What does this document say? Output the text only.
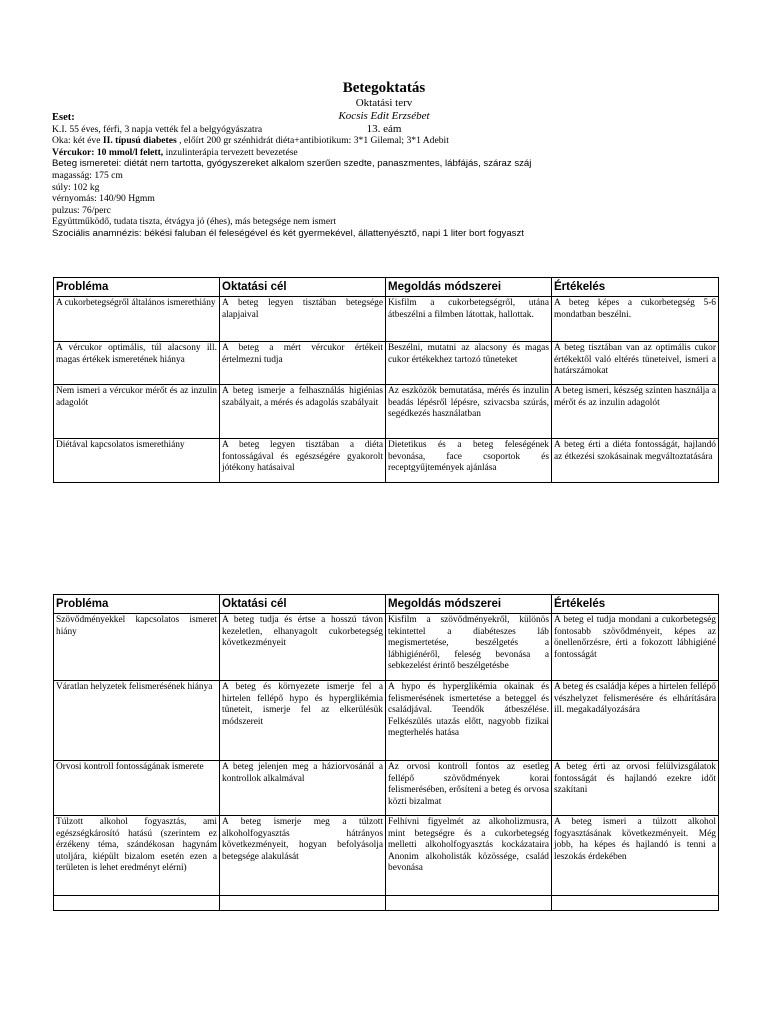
Betegoktatás
Oktatási terv
Kocsis Edit Erzsébet
13. eám
Eset:
K.I. 55 éves, férfi, 3 napja vették fel a belgyógyászatra
Oka: két éve II. típusú diabetes , előírt 200 gr szénhidrát diéta+antibiotikum: 3*1 Gilemal; 3*1 Adebit
Vércukor: 10 mmol/l felett, inzulinterápia tervezett bevezetése
Beteg ismeretei: diétát nem tartotta, gyógyszereket alkalom szerűen szedte, panaszmentes, lábfájás, száraz száj
magasság: 175 cm
súly: 102 kg
vérnyomás: 140/90 Hgmm
pulzus: 76/perc
Együttműködő, tudata tiszta, étvágya jó (éhes), más betegsége nem ismert
Szociális anamnézis: békési faluban él feleségével és két gyermekével, állattenyésztő, napi 1 liter bort fogyaszt
Probléma	Oktatási cél	Megoldás módszerei	Értékelés
A cukorbetegségről általános ismerethiány	A beteg legyen tisztában betegsége alapjaival	Kisfilm a cukorbetegségről, utána átbeszélni a filmben látottak, hallottak.	A beteg képes a cukorbetegség 5-6 mondatban beszélni.
A vércukor optimális, túl alacsony ill. magas értékek ismeretének hiánya	A beteg a mért vércukor értékeit értelmezni tudja	Beszélni, mutatni az alacsony és magas cukor értékekhez tartozó tüneteket	A beteg tisztában van az optimális cukor értékektől való eltérés tüneteivel, ismeri a határszámokat
Nem ismeri a vércukor mérőt és az inzulin adagolót	A beteg ismerje a felhasználás higiénias szabályait, a mérés és adagolás szabályait	Az eszközök bemutatása, mérés és inzulin beadás lépésről lépésre, szivacsba szúrás, segédkezés használatban	A beteg ismeri, készség szinten használja a mérőt és az inzulin adagolót
Diétával kapcsolatos ismerethiány	A beteg legyen tisztában a diéta fontosságával és egészségére gyakorolt jótékony hatásaival	Dietetikus és a beteg feleségének bevonása, face csoportok és receptgyűjtemények ajánlása	A beteg érti a diéta fontosságát, hajlandó az étkezési szokásainak megváltoztatására
Probléma	Oktatási cél	Megoldás módszerei	Értékelés
Szövődményekkel kapcsolatos ismeret hiány	A beteg tudja és értse a hosszú távon kezeletlen, elhanyagolt cukorbetegség következményeit	Kisfilm a szövődményekről, különös tekintettel a diabéteszes láb megismertetése, beszélgetés a lábhigiénéről, feleség bevonása a sebkezelést érintő beszélgetésbe	A beteg el tudja mondani a cukorbetegség fontosabb szövődményeit, képes az önellenőrzésre, érti a fokozott lábhigiéné fontosságát
Váratlan helyzetek felismerésének hiánya	A beteg és környezete ismerje fel a hirtelen fellépő hypo és hyperglikémia tüneteit, ismerje fel az elkerülésük módszereit	A hypo és hyperglikémia okainak és felismerésének ismertetése a beteggel és családjával. Teendők átbeszélése. Felkészülés utazás előtt, nagyobb fizikai megterhelés hatása	A beteg és családja képes a hirtelen fellépő vészhelyzet felismerésére és elhárítására ill. megakadályozására
Orvosi kontroll fontosságának ismerete	A beteg jelenjen meg a háziorvosánál a kontrollok alkalmával	Az orvosi kontroll fontos az esetleg fellépő szövődmények korai felismerésében, erősíteni a beteg és orvosa közti bizalmat	A beteg érti az orvosi felülvizsgálatok fontosságát és hajlandó ezekre időt szakítani
Túlzott alkohol fogyasztás, ami egészségkárosító hatású (szerintem ez érzékeny téma, szándékosan hagynám utoljára, kiépült bizalom esetén ezen a területen is lehet eredményt elérni)	A beteg ismerje meg a túlzott alkoholfogyasztás hátrányos következményeit, hogyan befolyásolja betegsége alakulását	Felhívni figyelmét az alkoholizmusra, mint betegségre és a cukorbetegség melletti alkoholfogyasztás kockázataira Anonim alkoholisták közössége, család bevonása	A beteg ismeri a túlzott alkohol fogyasztásának következményeit. Még jobb, ha képes és hajlandó is tenni a leszokás érdekében
